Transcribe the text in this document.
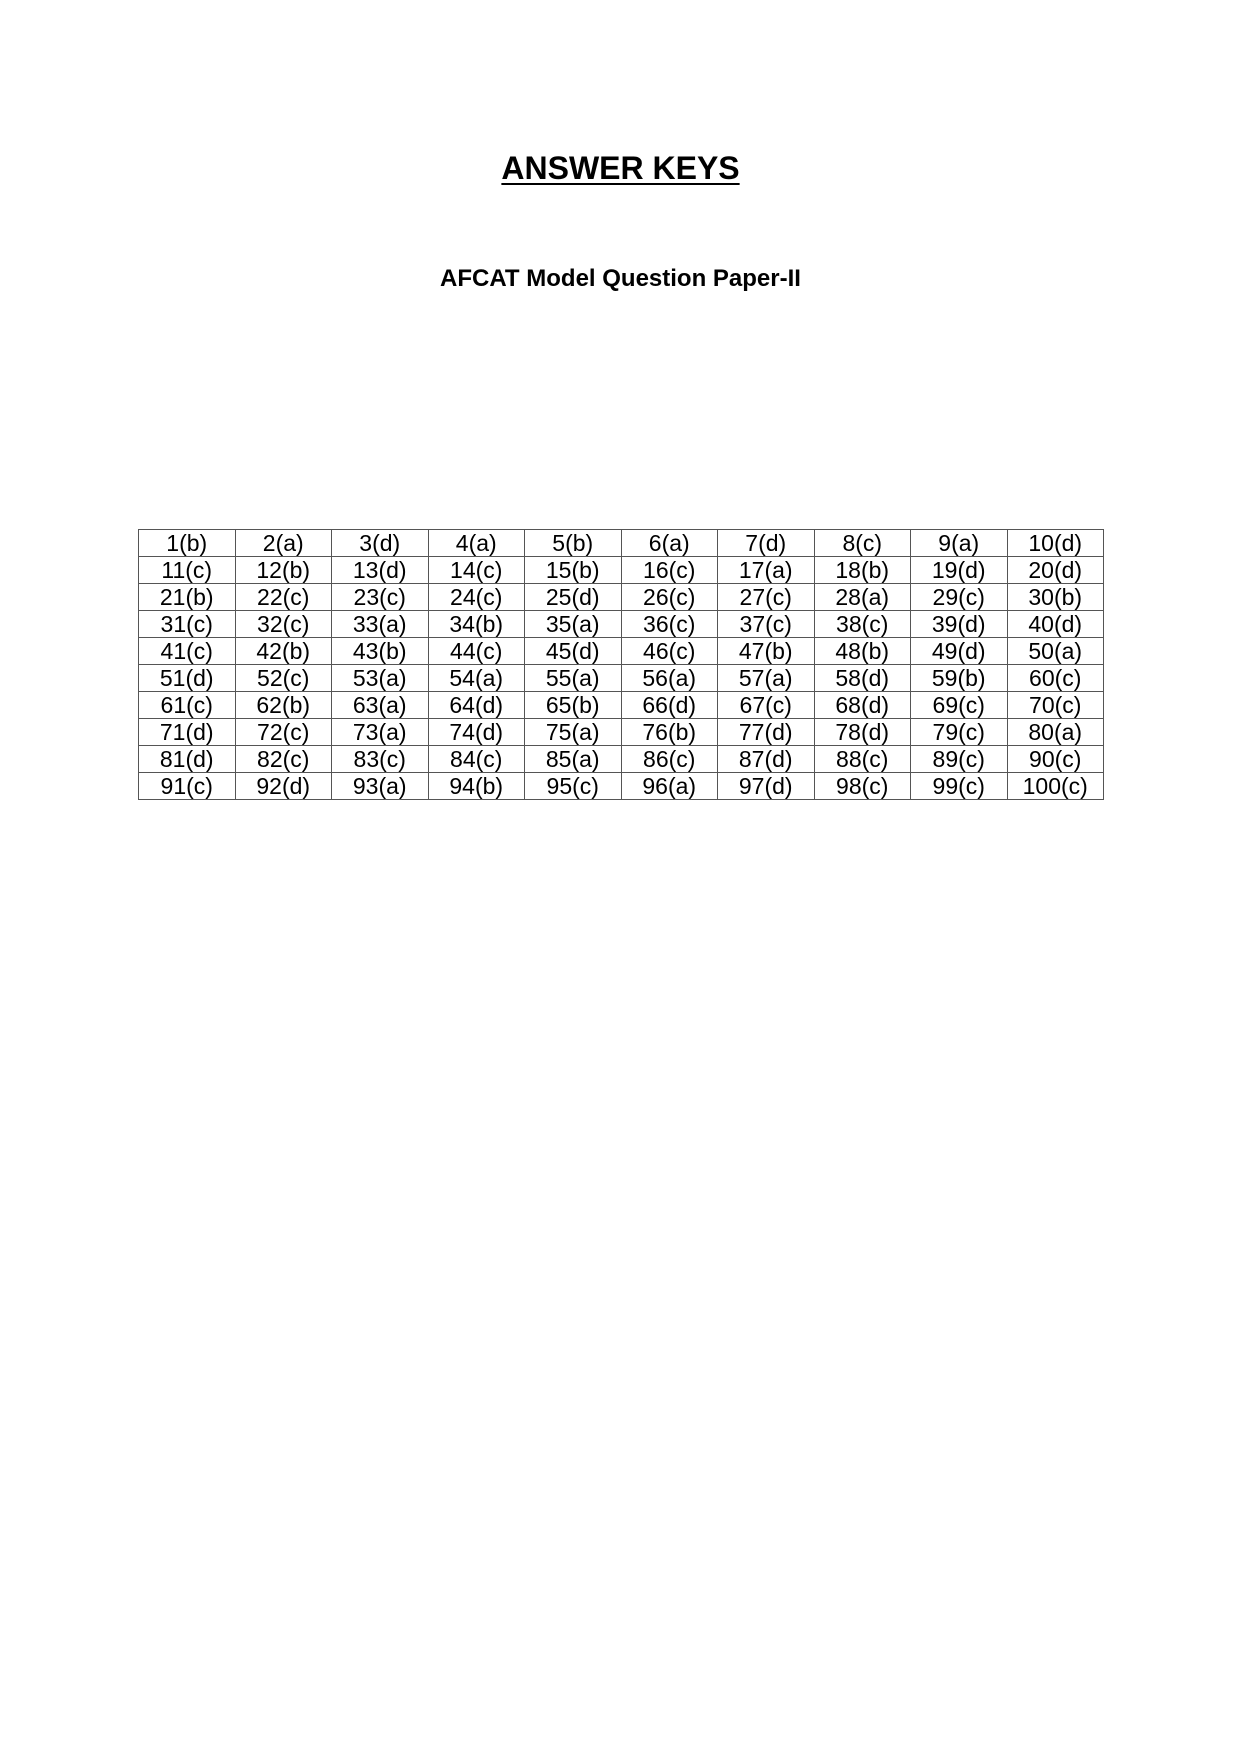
ANSWER KEYS
AFCAT Model Question Paper-II
1(b)	2(a)	3(d)	4(a)	5(b)	6(a)	7(d)	8(c)	9(a)	10(d)
11(c)	12(b)	13(d)	14(c)	15(b)	16(c)	17(a)	18(b)	19(d)	20(d)
21(b)	22(c)	23(c)	24(c)	25(d)	26(c)	27(c)	28(a)	29(c)	30(b)
31(c)	32(c)	33(a)	34(b)	35(a)	36(c)	37(c)	38(c)	39(d)	40(d)
41(c)	42(b)	43(b)	44(c)	45(d)	46(c)	47(b)	48(b)	49(d)	50(a)
51(d)	52(c)	53(a)	54(a)	55(a)	56(a)	57(a)	58(d)	59(b)	60(c)
61(c)	62(b)	63(a)	64(d)	65(b)	66(d)	67(c)	68(d)	69(c)	70(c)
71(d)	72(c)	73(a)	74(d)	75(a)	76(b)	77(d)	78(d)	79(c)	80(a)
81(d)	82(c)	83(c)	84(c)	85(a)	86(c)	87(d)	88(c)	89(c)	90(c)
91(c)	92(d)	93(a)	94(b)	95(c)	96(a)	97(d)	98(c)	99(c)	100(c)
